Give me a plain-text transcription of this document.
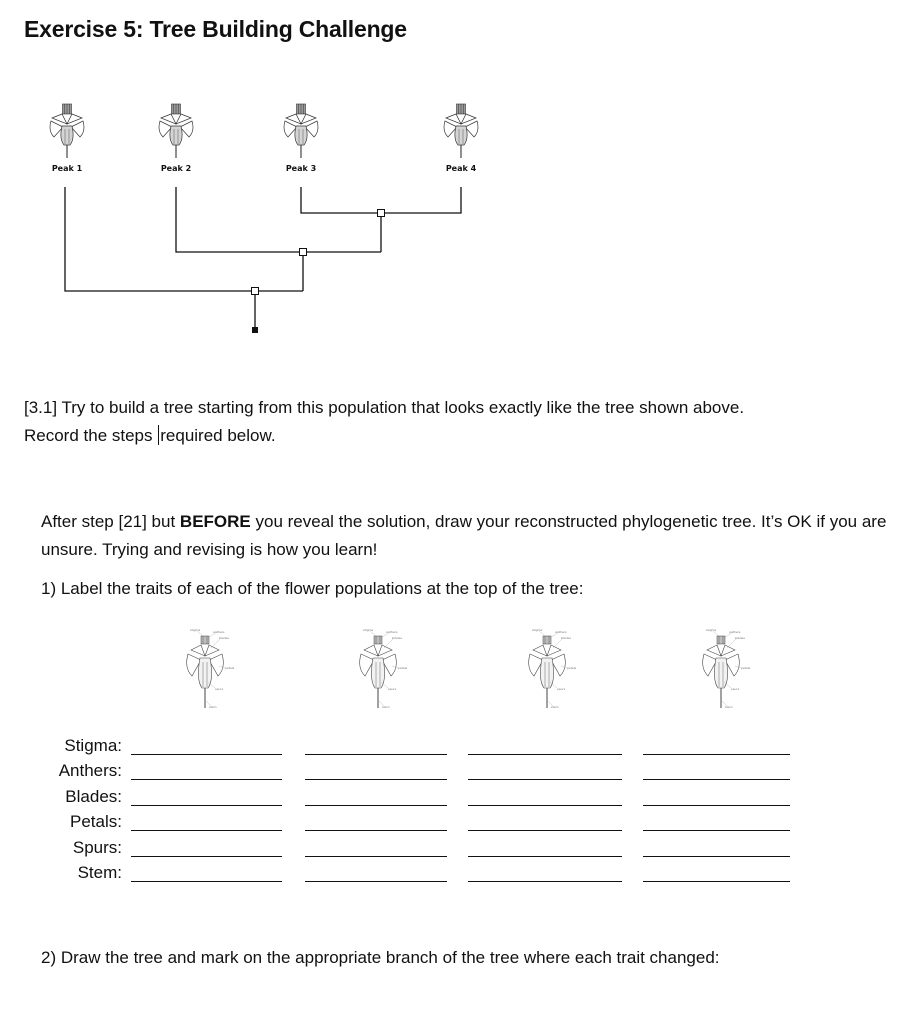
Exercise 5: Tree Building Challenge
Peak 1	Peak 2	Peak 3	Peak 4

[3.1] Try to build a tree starting from this population that looks exactly like the tree shown above.
Record the steps required below.

After step [21] but BEFORE you reveal the solution, draw your reconstructed phylogenetic tree. It’s OK if you are unsure. Trying and revising is how you learn!

1) Label the traits of each of the flower populations at the top of the tree:

stigma	anthers
blades
petals
spurs
stem
stigma	anthers
blades
petals
spurs
stem
stigma	anthers
blades
petals
spurs
stem
stigma	anthers
blades
petals
spurs
stem
Stigma:
Anthers:
Blades:
Petals:
Spurs:
Stem:

2) Draw the tree and mark on the appropriate branch of the tree where each trait changed:
